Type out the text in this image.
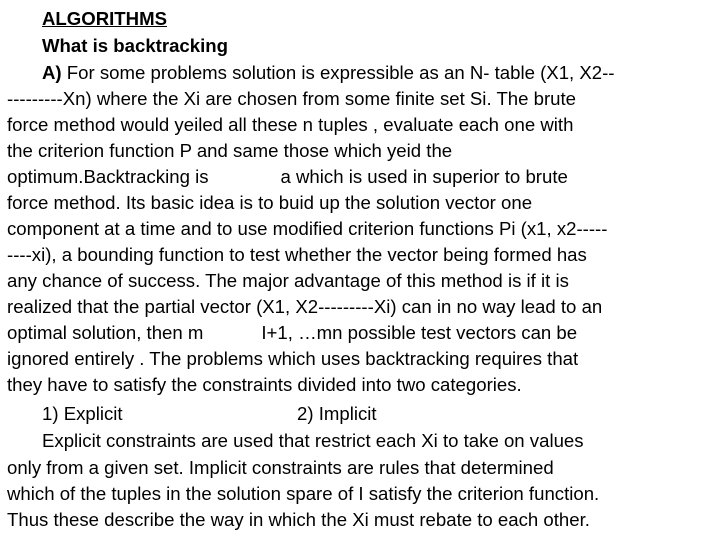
ALGORITHMS
What is backtracking
A) For some problems solution is expressible as an N- table (X1, X2--
---------Xn) where the Xi are chosen from some finite set Si. The brute
force method would yeiled all these n tuples , evaluate each one with
the criterion function P and same those which yeid the
optimum.Backtracking is	a which is used in superior to brute
force method. Its basic idea is to buid up the solution vector one
component at a time and to use modified criterion functions Pi (x1, x2-----
----xi), a bounding function to test whether the vector being formed has
any chance of success. The major advantage of this method is if it is
realized that the partial vector (X1, X2---------Xi) can in no way lead to an
optimal solution, then m	I+1, …mn possible test vectors can be
ignored entirely . The problems which uses backtracking requires that
they have to satisfy the constraints divided into two categories.
1) Explicit	2) Implicit
Explicit constraints are used that restrict each Xi to take on values
only from a given set. Implicit constraints are rules that determined
which of the tuples in the solution spare of I satisfy the criterion function.
Thus these describe the way in which the Xi must rebate to each other.
